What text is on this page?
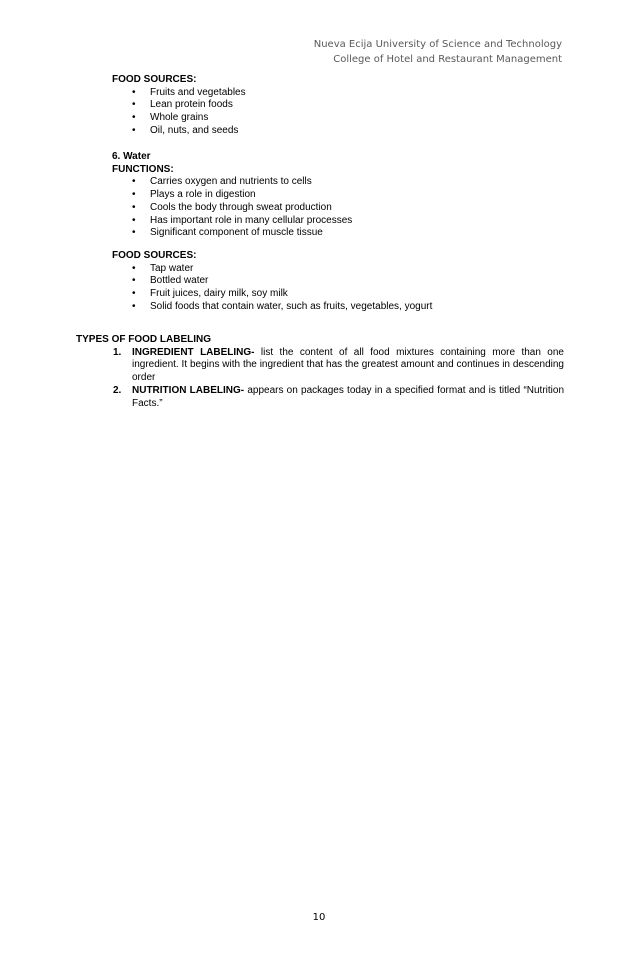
Nueva Ecija University of Science and Technology
College of Hotel and Restaurant Management
FOOD SOURCES:
• Fruits and vegetables
• Lean protein foods
• Whole grains
• Oil, nuts, and seeds
6. Water
FUNCTIONS:
• Carries oxygen and nutrients to cells
• Plays a role in digestion
• Cools the body through sweat production
• Has important role in many cellular processes
• Significant component of muscle tissue
FOOD SOURCES:
• Tap water
• Bottled water
• Fruit juices, dairy milk, soy milk
• Solid foods that contain water, such as fruits, vegetables, yogurt
TYPES OF FOOD LABELING
1. INGREDIENT LABELING- list the content of all food mixtures containing more than one ingredient. It begins with the ingredient that has the greatest amount and continues in descending order
2. NUTRITION LABELING- appears on packages today in a specified format and is titled “Nutrition Facts.”
10
